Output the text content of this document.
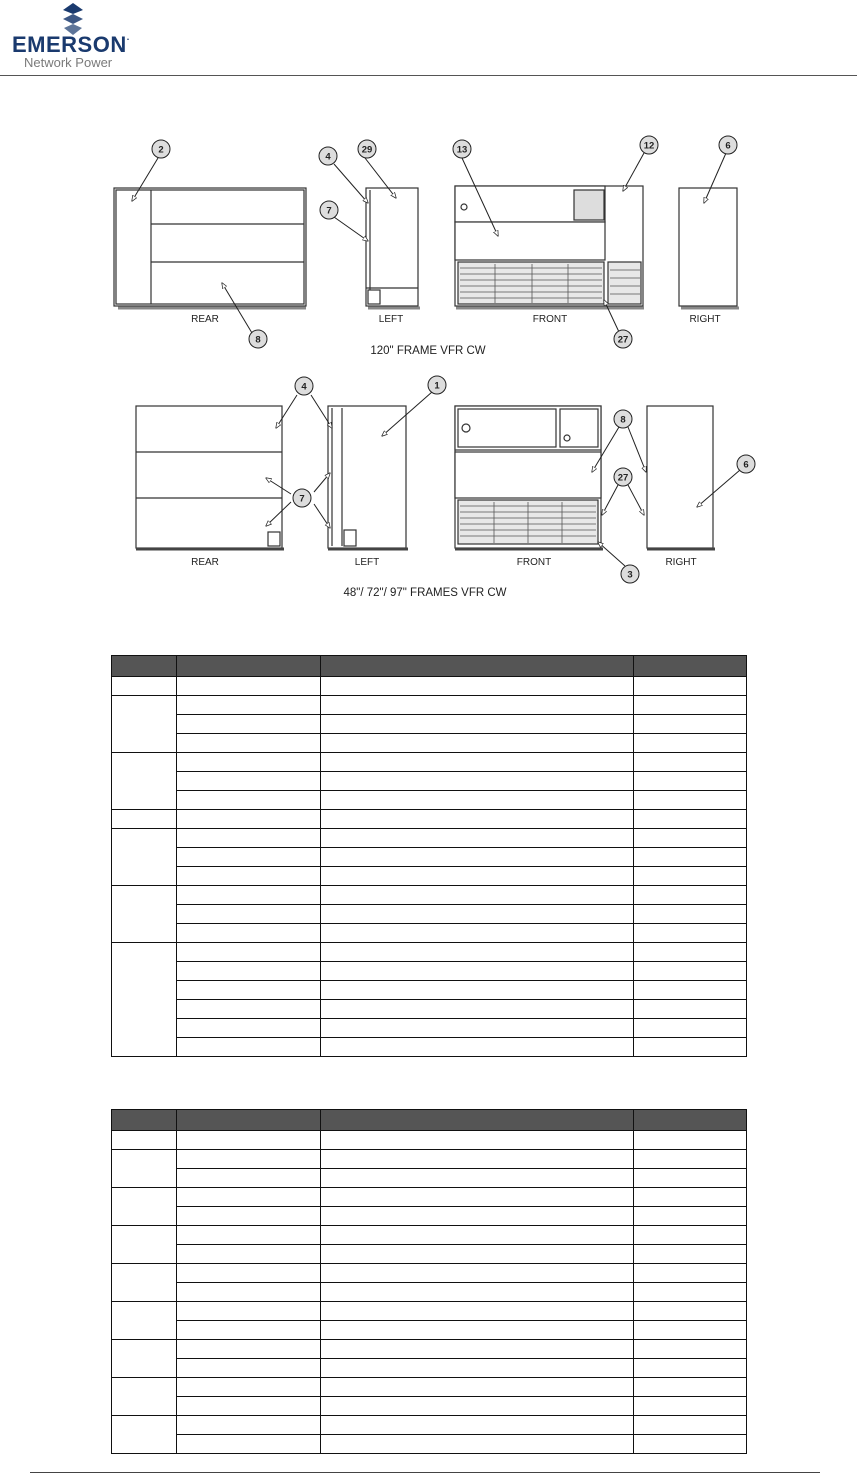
EMERSON.
Network Power
REAR	LEFT	FRONT	RIGHT
120" FRAME VFR CW
2
4
29
7
13	12	6
8	27
REAR	LEFT	FRONT	RIGHT
48"/ 72"/ 97" FRAMES VFR CW
4	1
8
6
7
27
3
